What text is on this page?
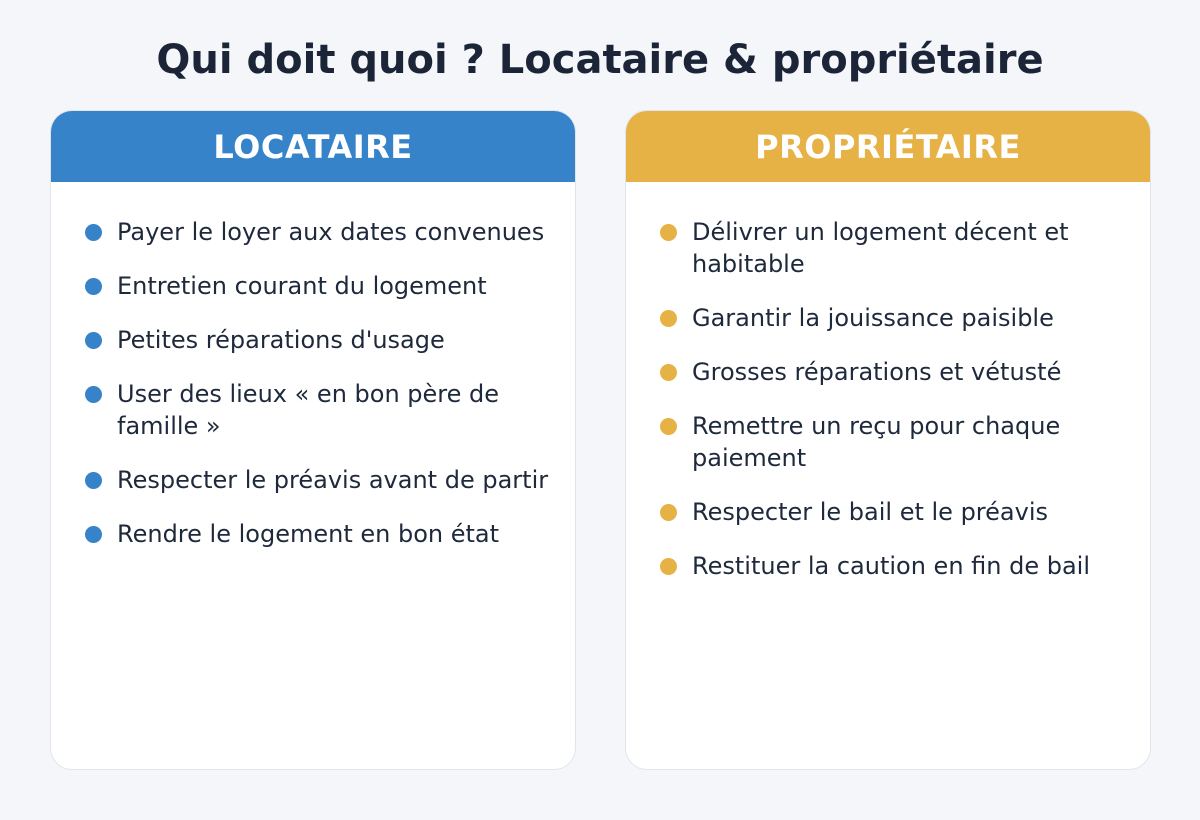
Qui doit quoi ? Locataire & propriétaire
LOCATAIRE
Payer le loyer aux dates convenues
Entretien courant du logement
Petites réparations d'usage
User des lieux « en bon père de famille »
Respecter le préavis avant de partir
Rendre le logement en bon état
PROPRIÉTAIRE
Délivrer un logement décent et habitable
Garantir la jouissance paisible
Grosses réparations et vétusté
Remettre un reçu pour chaque paiement
Respecter le bail et le préavis
Restituer la caution en fin de bail
